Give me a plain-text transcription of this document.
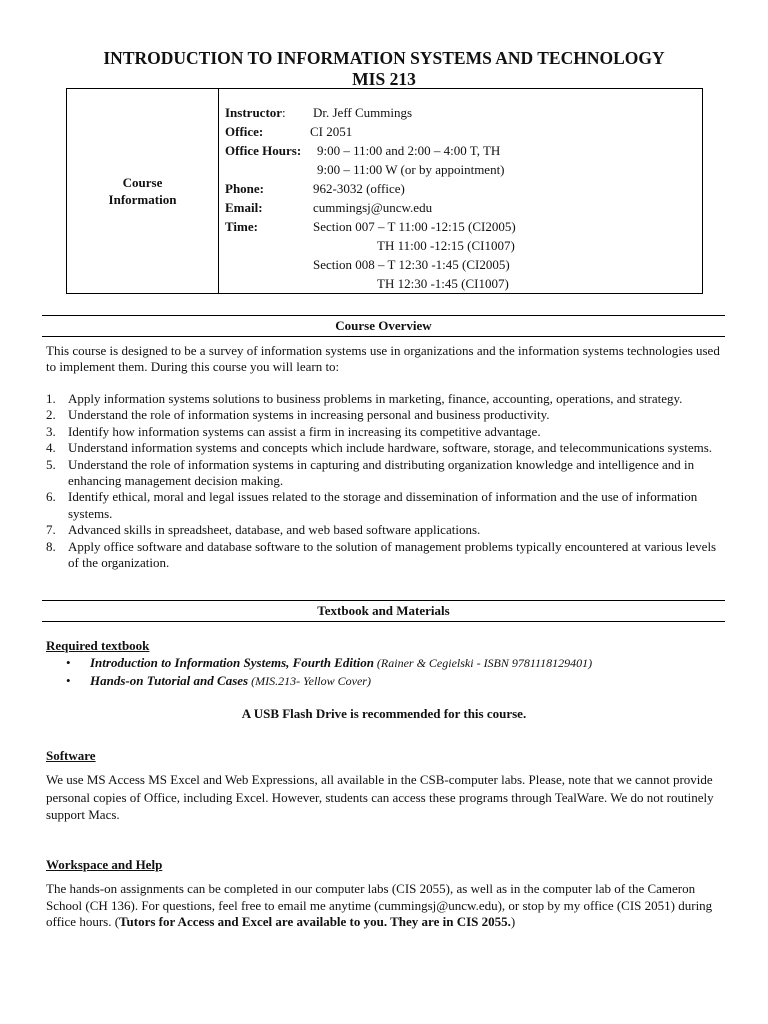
INTRODUCTION TO INFORMATION SYSTEMS AND TECHNOLOGY
MIS 213
Course
Information
Instructor: Dr. Jeff Cummings
Office:	CI 2051
Office Hours: 9:00 – 11:00 and 2:00 – 4:00 T, TH
9:00 – 11:00 W (or by appointment)
Phone:	962-3032 (office)
Email:	cummingsj@uncw.edu
Time:	Section 007 – T 11:00 -12:15 (CI2005)
TH 11:00 -12:15 (CI1007)
Section 008 – T 12:30 -1:45 (CI2005)
TH 12:30 -1:45 (CI1007)
Course Overview
This course is designed to be a survey of information systems use in organizations and the information systems technologies used to implement them. During this course you will learn to:
1. Apply information systems solutions to business problems in marketing, finance, accounting, operations, and strategy.
2. Understand the role of information systems in increasing personal and business productivity.
3. Identify how information systems can assist a firm in increasing its competitive advantage.
4. Understand information systems and concepts which include hardware, software, storage, and telecommunications systems.
5. Understand the role of information systems in capturing and distributing organization knowledge and intelligence and in enhancing management decision making.
6. Identify ethical, moral and legal issues related to the storage and dissemination of information and the use of information systems.
7. Advanced skills in spreadsheet, database, and web based software applications.
8. Apply office software and database software to the solution of management problems typically encountered at various levels of the organization.
Textbook and Materials
Required textbook
• Introduction to Information Systems, Fourth Edition (Rainer & Cegielski - ISBN 9781118129401)
• Hands-on Tutorial and Cases (MIS.213- Yellow Cover)
A USB Flash Drive is recommended for this course.
Software
We use MS Access MS Excel and Web Expressions, all available in the CSB-computer labs. Please, note that we cannot provide personal copies of Office, including Excel. However, students can access these programs through TealWare. We do not routinely support Macs.
Workspace and Help
The hands-on assignments can be completed in our computer labs (CIS 2055), as well as in the computer lab of the Cameron School (CH 136). For questions, feel free to email me anytime (cummingsj@uncw.edu), or stop by my office (CIS 2051) during office hours. (Tutors for Access and Excel are available to you. They are in CIS 2055.)
